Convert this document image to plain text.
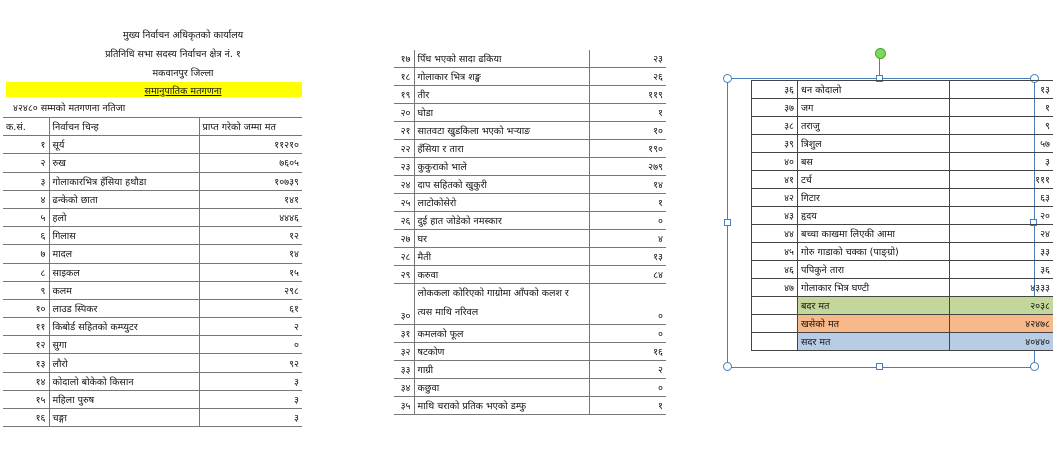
मुख्य निर्वाचन अधिकृतको कार्यालय
प्रतिनिधि सभा सदस्य निर्वाचन क्षेत्र नं. १
मकवानपुर जिल्ला
समानुपातिक मतगणना
४२४८० सम्मको मतगणना नतिजा
क.सं.	निर्वाचन चिन्ह	प्राप्त गरेको जम्मा मत
१	सूर्य	११२१०
२	रुख	७६०५
३	गोलाकारभित्र हँसिया हथौडा	१०७३९
४	ढन्केको छाता	१४१
५	हलो	४४४६
६	गिलास	१२
७	मादल	१४
८	साइकल	१५
९	कलम	२९८
१०	लाउड स्पिकर	६१
११	किबोर्ड सहितको कम्प्युटर	२
१२	सुगा	०
१३	लौरो	९२
१४	कोदालो बोकेको किसान	३
१५	महिला पुरुष	३
१६	चङ्गा	३
१७	पिँध भएको सादा ढकिया	२३
१८	गोलाकार भित्र शङ्ख	२६
१९	तीर	११९
२०	घोडा	१
२१	सातवटा खुडकिला भएको भऱ्याङ	१०
२२	हँसिया र तारा	१९०
२३	कुकुराको भाले	२७९
२४	दाप सहितको खुकुरी	१४
२५	लाटोकोसेरो	१
२६	दुई हात जोडेको नमस्कार	०
२७	घर	४
२८	मैती	१३
२९	करुवा	८४
३०	लोककला कोरिएको गाग्रोमा आँपको कलश र त्यस माथि नरिवल	०
३१	कमलको फूल	०
३२	षटकोण	१६
३३	गाग्री	२
३४	कछुवा	०
३५	माथि चराको प्रतिक भएको डम्फु	१
३६	धन कोदालो	१३
३७	जग	१
३८	तराजु	९
३९	त्रिशुल	५७
४०	बस	३
४१	टर्च	१११
४२	गिटार	६३
४३	हृदय	२०
४४	बच्चा काखमा लिएकी आमा	२४
४५	गोरु गाडाको चक्का (पाङ्ग्रो)	३३
४६	पपिकुने तारा	३६
४७	गोलाकार भित्र घण्टी	४३३३
	बदर मत	२०३८
	खसेको मत	४२४७८
	सदर मत	४०४४०
